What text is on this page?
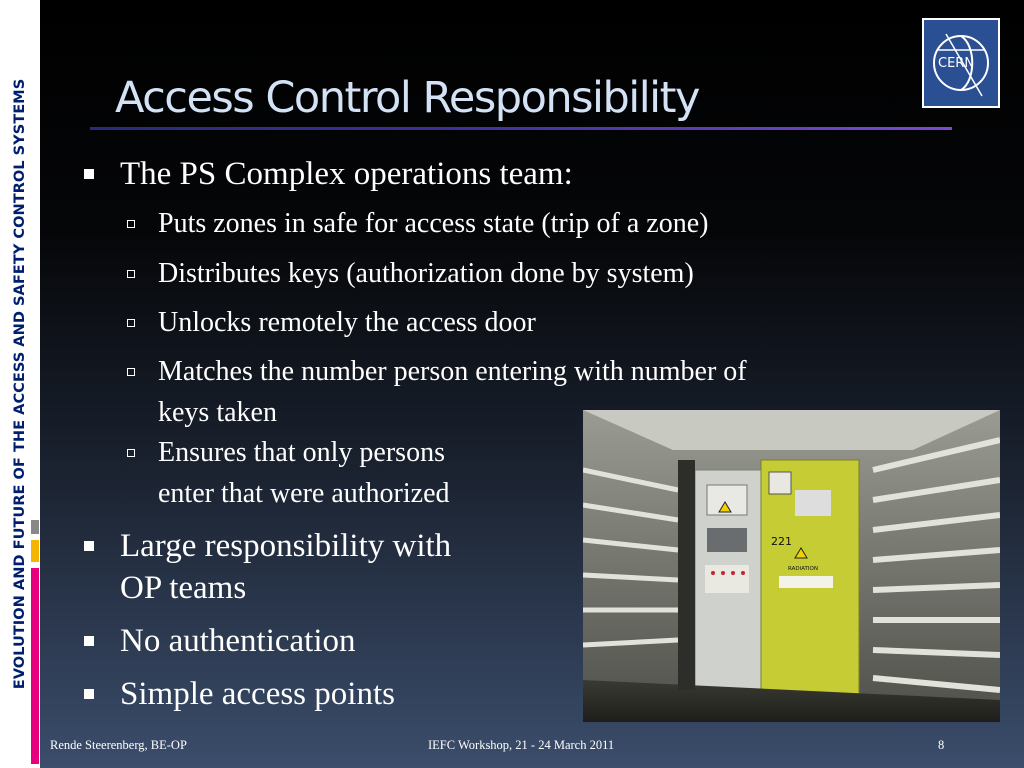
EVOLUTION AND FUTURE OF THE ACCESS AND SAFETY CONTROL SYSTEMS Access Control Responsibility
CERN
The PS Complex operations team:
Puts zones in safe for access state (trip of a zone)
Distributes keys (authorization done by system)
Unlocks remotely the access door
Matches the number person entering with number of
keys taken
Ensures that only persons
enter that were authorized
Large responsibility with
OP teams
No authentication
Simple access points
221
RADIATION
Rende Steerenberg, BE-OP	IEFC Workshop, 21 - 24 March 2011	8
